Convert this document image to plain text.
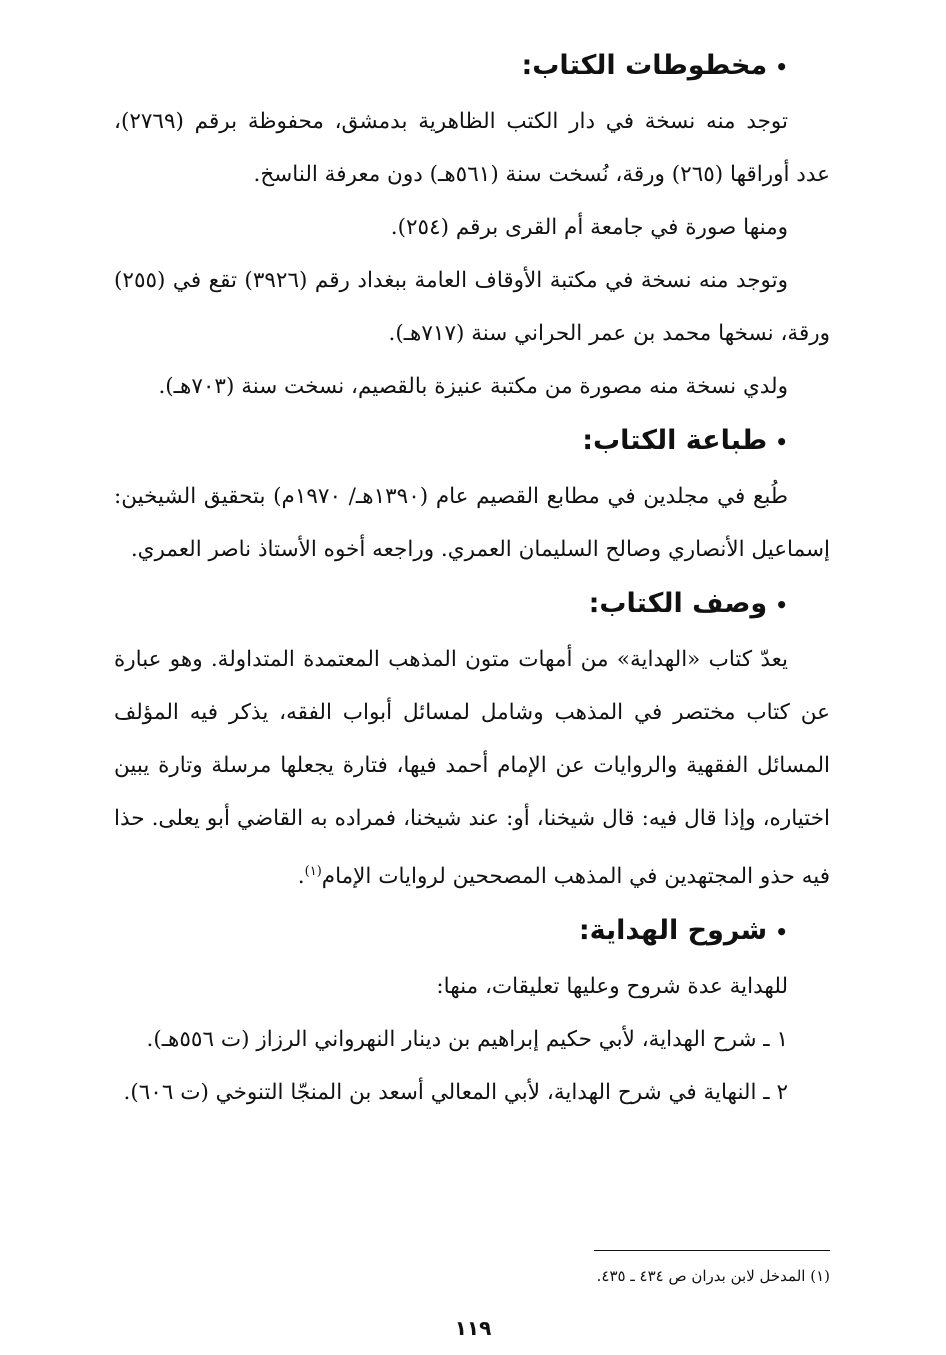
•مخطوطات الكتاب:

توجد منه نسخة في دار الكتب الظاهرية بدمشق، محفوظة برقم (٢٧٦٩)، عدد أوراقها (٢٦٥) ورقة، نُسخت سنة (٥٦١هـ) دون معرفة الناسخ.

ومنها صورة في جامعة أم القرى برقم (٢٥٤).

وتوجد منه نسخة في مكتبة الأوقاف العامة ببغداد رقم (٣٩٢٦) تقع في (٢٥٥) ورقة، نسخها محمد بن عمر الحراني سنة (٧١٧هـ).

ولدي نسخة منه مصورة من مكتبة عنيزة بالقصيم، نسخت سنة (٧٠٣هـ).

•طباعة الكتاب:

طُبع في مجلدين في مطابع القصيم عام (١٣٩٠هـ/ ١٩٧٠م) بتحقيق الشيخين: إسماعيل الأنصاري وصالح السليمان العمري. وراجعه أخوه الأستاذ ناصر العمري.

•وصف الكتاب:

يعدّ كتاب «الهداية» من أمهات متون المذهب المعتمدة المتداولة. وهو عبارة عن كتاب مختصر في المذهب وشامل لمسائل أبواب الفقه، يذكر فيه المؤلف المسائل الفقهية والروايات عن الإمام أحمد فيها، فتارة يجعلها مرسلة وتارة يبين اختياره، وإذا قال فيه: قال شيخنا، أو: عند شيخنا، فمراده به القاضي أبو يعلى. حذا فيه حذو المجتهدين في المذهب المصححين لروايات الإمام$^{(١)}$.

•شروح الهداية:

للهداية عدة شروح وعليها تعليقات، منها:

١ ـ شرح الهداية، لأبي حكيم إبراهيم بن دينار النهرواني الرزاز (ت ٥٥٦هـ).
٢ ـ النهاية في شرح الهداية، لأبي المعالي أسعد بن المنجّا التنوخي (ت ٦٠٦).
(١) المدخل لابن بدران ص ٤٣٤ ـ ٤٣٥.
١١٩
